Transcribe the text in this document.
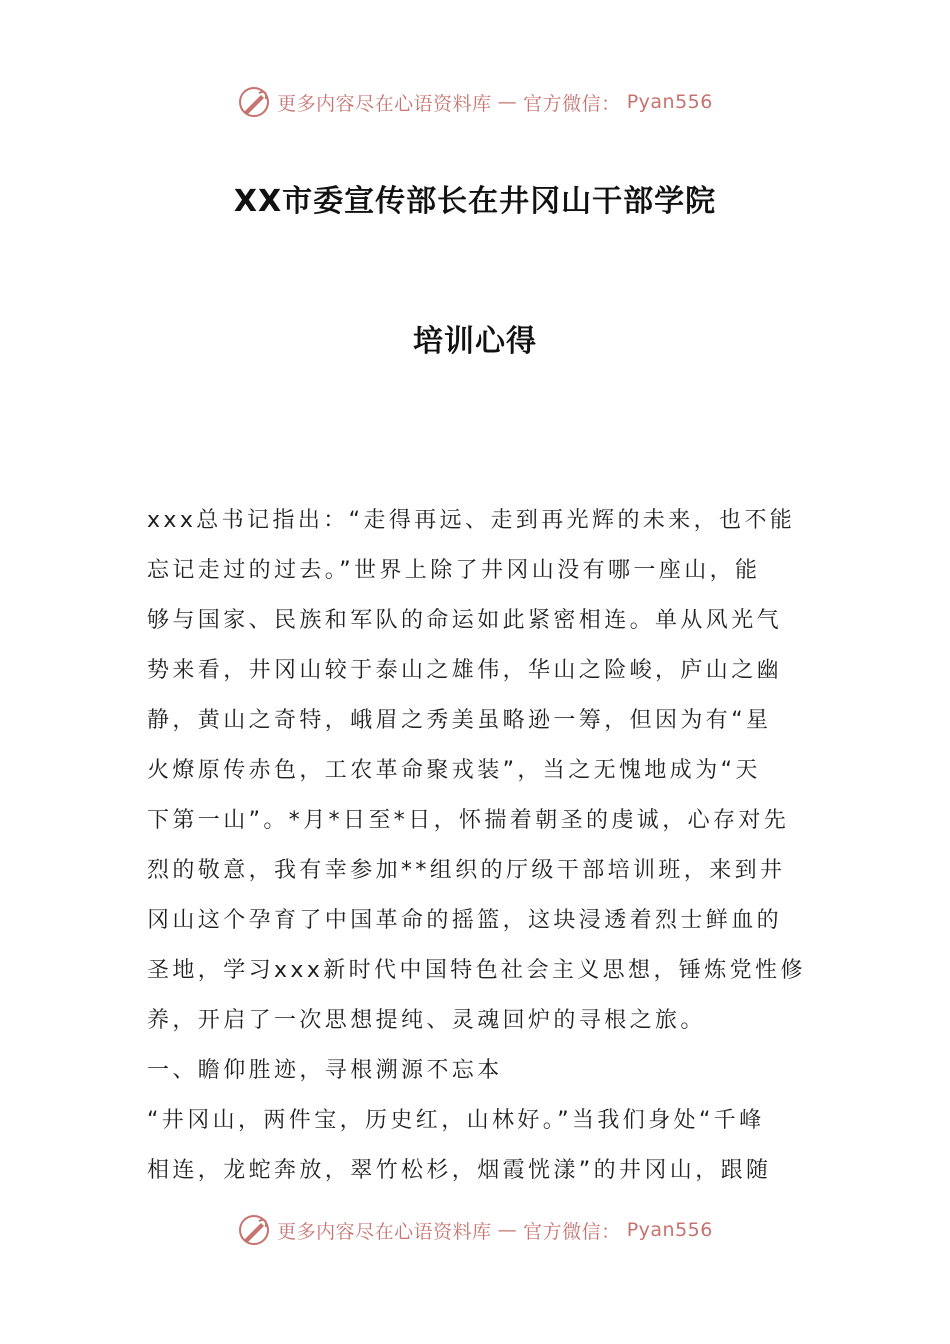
更多内容尽在心语资料库 — 官方微信： Pyan556
XX市委宣传部长在井冈山干部学院
培训心得
xxx总书记指出：“走得再远、走到再光辉的未来，也不能
忘记走过的过去。”世界上除了井冈山没有哪一座山，能
够与国家、民族和军队的命运如此紧密相连。单从风光气
势来看，井冈山较于泰山之雄伟，华山之险峻，庐山之幽
静，黄山之奇特，峨眉之秀美虽略逊一筹，但因为有“星
火燎原传赤色，工农革命聚戎装”，当之无愧地成为“天
下第一山”。*月*日至*日，怀揣着朝圣的虔诚，心存对先
烈的敬意，我有幸参加**组织的厅级干部培训班，来到井
冈山这个孕育了中国革命的摇篮，这块浸透着烈士鲜血的
圣地，学习xxx新时代中国特色社会主义思想，锤炼党性修
养，开启了一次思想提纯、灵魂回炉的寻根之旅。
一、瞻仰胜迹，寻根溯源不忘本
“井冈山，两件宝，历史红，山林好。”当我们身处“千峰
相连，龙蛇奔放，翠竹松杉，烟霞恍漾”的井冈山，跟随
更多内容尽在心语资料库 — 官方微信： Pyan556
